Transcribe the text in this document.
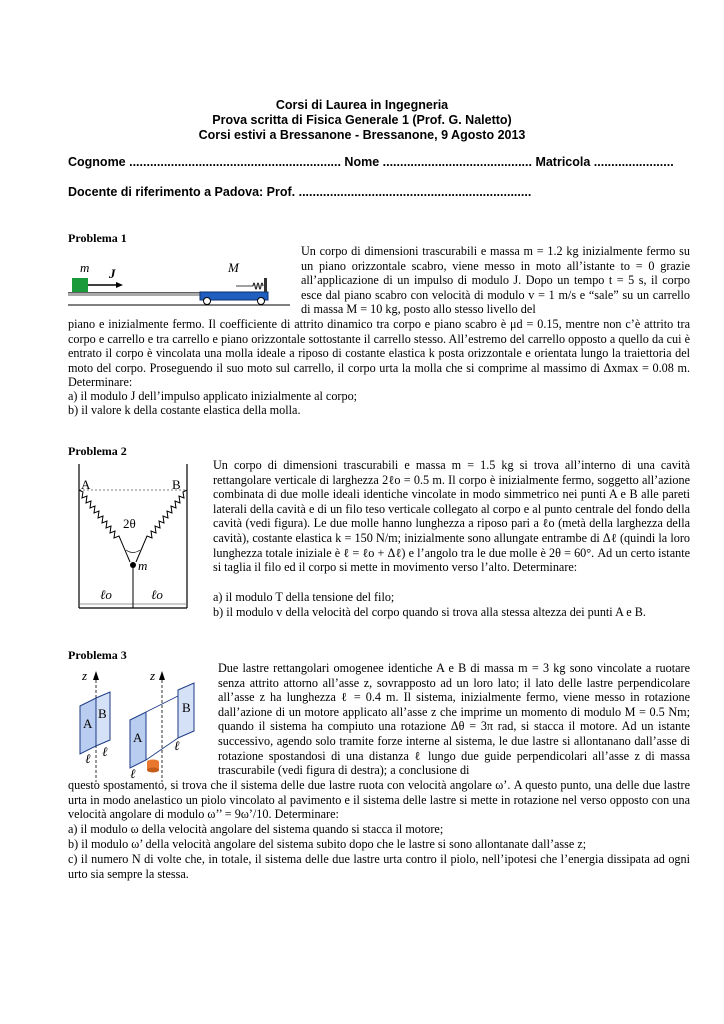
Corsi di Laurea in Ingegneria
Prova scritta di Fisica Generale 1 (Prof. G. Naletto)
Corsi estivi a Bressanone - Bressanone, 9 Agosto 2013
Cognome ............................................................. Nome ........................................... Matricola .......................
Docente di riferimento a Padova: Prof. ...................................................................
Problema 1
m J	M
Un corpo di dimensioni trascurabili e massa m = 1.2 kg inizialmente fermo su un piano orizzontale scabro, viene messo in moto all’istante to = 0 grazie all’applicazione di un impulso di modulo J. Dopo un tempo t = 5 s, il corpo esce dal piano scabro con velocità di modulo v = 1 m/s e “sale” su un carrello di massa M = 10 kg, posto allo stesso livello del
piano e inizialmente fermo. Il coefficiente di attrito dinamico tra corpo e piano scabro è μd = 0.15, mentre non c’è attrito tra corpo e carrello e tra carrello e piano orizzontale sottostante il carrello stesso. All’estremo del carrello opposto a quello da cui è entrato il corpo è vincolata una molla ideale a riposo di costante elastica k posta orizzontale e orientata lungo la traiettoria del moto del corpo. Proseguendo il suo moto sul carrello, il corpo urta la molla che si comprime al massimo di Δxmax = 0.08 m. Determinare:
a) il modulo J dell’impulso applicato inizialmente al corpo;
b) il valore k della costante elastica della molla.
Problema 2
A	B
2θ
m
ℓo	ℓo
Un corpo di dimensioni trascurabili e massa m = 1.5 kg si trova all’interno di una cavità rettangolare verticale di larghezza 2ℓo = 0.5 m. Il corpo è inizialmente fermo, soggetto all’azione combinata di due molle ideali identiche vincolate in modo simmetrico nei punti A e B alle pareti laterali della cavità e di un filo teso verticale collegato al corpo e al punto centrale del fondo della cavità (vedi figura). Le due molle hanno lunghezza a riposo pari a ℓo (metà della larghezza della cavità), costante elastica k = 150 N/m; inizialmente sono allungate entrambe di Δℓ (quindi la loro lunghezza totale iniziale è ℓ = ℓo + Δℓ) e l’angolo tra le due molle è 2θ = 60°. Ad un certo istante si taglia il filo ed il corpo si mette in movimento verso l’alto. Determinare:
a) il modulo T della tensione del filo;
b) il modulo v della velocità del corpo quando si trova alla stessa altezza dei punti A e B.
Problema 3
z	z
A
B
A
B
ℓ ℓ
ℓ
ℓ
Due lastre rettangolari omogenee identiche A e B di massa m = 3 kg sono vincolate a ruotare senza attrito attorno all’asse z, sovrapposto ad un loro lato; il lato delle lastre perpendicolare all’asse z ha lunghezza ℓ = 0.4 m. Il sistema, inizialmente fermo, viene messo in rotazione dall’azione di un motore applicato all’asse z che imprime un momento di modulo M = 0.5 Nm; quando il sistema ha compiuto una rotazione Δθ = 3π rad, si stacca il motore. Ad un istante successivo, agendo solo tramite forze interne al sistema, le due lastre si allontanano dall’asse di rotazione spostandosi di una distanza ℓ lungo due guide perpendicolari all’asse z di massa trascurabile (vedi figura di destra); a conclusione di
questo spostamento, si trova che il sistema delle due lastre ruota con velocità angolare ω’. A questo punto, una delle due lastre urta in modo anelastico un piolo vincolato al pavimento e il sistema delle lastre si mette in rotazione nel verso opposto con una velocità angolare di modulo ω’’ = 9ω’/10. Determinare:
a) il modulo ω della velocità angolare del sistema quando si stacca il motore;
b) il modulo ω’ della velocità angolare del sistema subito dopo che le lastre si sono allontanate dall’asse z;
c) il numero N di volte che, in totale, il sistema delle due lastre urta contro il piolo, nell’ipotesi che l’energia dissipata ad ogni urto sia sempre la stessa.
